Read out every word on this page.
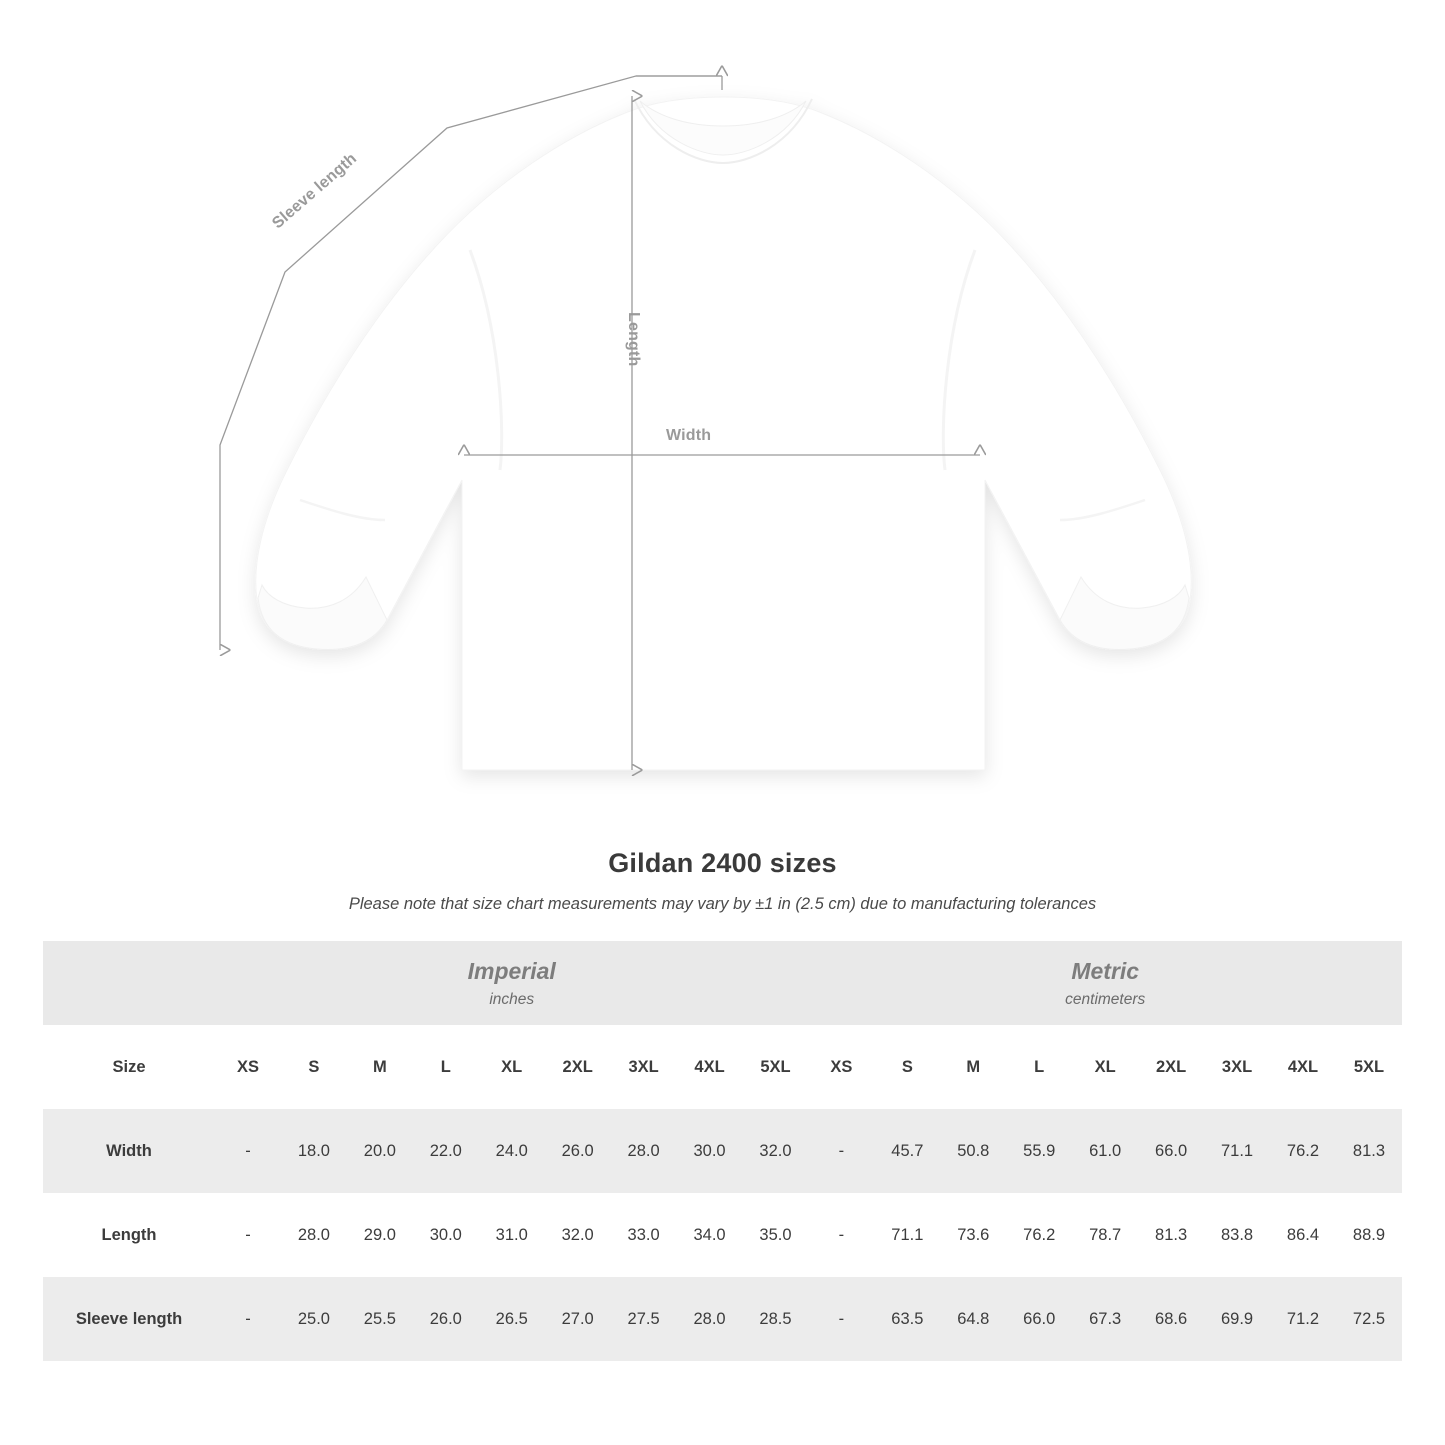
Width
Length
Sleeve length
Gildan 2400 sizes
Please note that size chart measurements may vary by ±1 in (2.5 cm) due to manufacturing tolerances

Imperial
inches

Metric
centimeters

Size	XS	S	M	L	XL	2XL	3XL	4XL	5XL	XS	S	M	L	XL	2XL	3XL	4XL	5XL
Width	-	18.0	20.0	22.0	24.0	26.0	28.0	30.0	32.0	-	45.7	50.8	55.9	61.0	66.0	71.1	76.2	81.3
Length	-	28.0	29.0	30.0	31.0	32.0	33.0	34.0	35.0	-	71.1	73.6	76.2	78.7	81.3	83.8	86.4	88.9
Sleeve length	-	25.0	25.5	26.0	26.5	27.0	27.5	28.0	28.5	-	63.5	64.8	66.0	67.3	68.6	69.9	71.2	72.5
